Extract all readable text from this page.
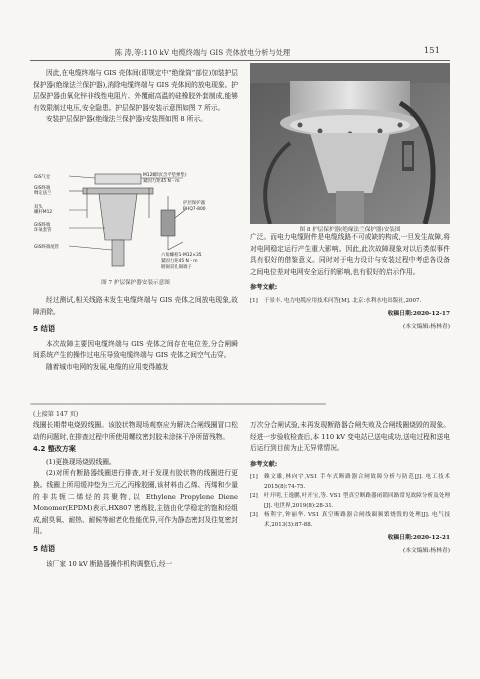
陈 涛,等:110 kV 电缆终端与 GIS 壳体放电分析与处理	151

因此,在电缆终端与 GIS 壳体间(即规定中“绝缘筒”部位)加装护层保护器(绝缘法兰保护器),消除电缆终端与 GIS 壳体间的放电现象。护层保护器由氧化锌非线性电阻片、外覆耐高温的硅橡胶外套制成,能够有效限制过电压,安全隐患。护层保护器安装示意图如图 7 所示。

安装护层保护器(绝缘法兰保护器)安装图如图 8 所示。

GIS气仓
GIS终端绸定法兰
双头螺杆M12
GIS终端环氧套管
GIS终端尾管
M12螺母(含平垫弹垫)
紧固力矩45 N・m
护层保护器
BHQ7-800
六角螺栓1-M12×35
紧固力矩45 N・m
镀锡双孔铜端子
图 7 护层保护器安装示意图

经过测试,相关线路未发生电缆终端与 GIS 壳体之间放电现象,故障消除。

5 结语

本次故障主要因电缆终端与 GIS 壳体之间存在电位差,分合闸瞬间系统产生的操作过电压导致电缆终端与 GIS 壳体之间空气击穿。

随着城市电网的发展,电缆的应用变得越发

图 8 护层保护器(绝缘法兰保护器)安装图

广泛。而电力电缆附件是电缆线路不可或缺的构成,一旦发生故障,将对电网稳定运行产生重大影响。因此,此次故障现象对以后类似事件具有很好的借鉴意义。同时对于电力设计与安装过程中考虑各设备之间电位差对电网安全运行的影响,也有很好的启示作用。

参考文献:
[1]	于景丰. 电力电缆应用技术问答[M]. 北京:水利水电出版社,2007.
收稿日期:2020-12-17
(本文编辑:杨林青)
≈≈≈≈≈≈≈≈≈≈≈≈≈≈≈≈≈≈≈≈≈≈≈≈≈≈≈≈≈≈≈≈≈≈≈≈≈≈≈≈≈≈≈≈≈≈≈≈≈≈≈≈≈≈≈≈≈≈≈≈≈≈≈≈≈≈≈≈≈≈≈≈≈≈≈≈≈≈≈≈≈≈≈≈≈≈≈≈≈≈≈≈≈≈≈
(上接第 147 页)

线圈长期带电烧毁线圈。该胶状物现场观察应为解决合闸线圈冒口松动的问题时,在排查过程中所使用螺纹密封胶未涂抹干净所留残物。

4.2 整改方案

(1)更换现场烧毁线圈。

(2)对所有断路器线圈进行排查,对于发现有胶状物的线圈进行更换。线圈上所用缓冲垫为三元乙丙橡胶圈,该材料由乙烯、丙烯和少量的非共轭二烯烃的共聚物,以 Ethylene Propylene Diene Monomer(EPDM)表示,HX807 密炼胶,主链由化学稳定的饱和烃组成,耐臭氧、耐热、耐候等耐老化性能优异,可作为静态密封及往复密封用。

5 结语

该厂家 10 kV 断路器操作机构调整后,经一

万次分合闸试验,未再发现断路器合闸失败及合闸线圈烧毁的现象。经进一步验收检查后,本 110 kV 变电站已送电成功,送电过程和送电后运行到目前为止无异常情况。

参考文献:
[1]	赖文雄,林向宇,VS1 手车式断路器合闸故障分析与防范[J]. 电工技术 2015(8):74-75.
[2]	叶开明,王逸鹏,叶开宝,等. VS1 型真空断路器闭锁回路常见故障分析及处理[J]. 电世界,2019(8):28-31.
[3]	杨利宇,钟丽华. VS1 真空断路器合闸线圈频繁烧毁的处理[J]. 电气技术,2013(3):87-88.
收稿日期:2020-12-21
(本文编辑:杨林青)
